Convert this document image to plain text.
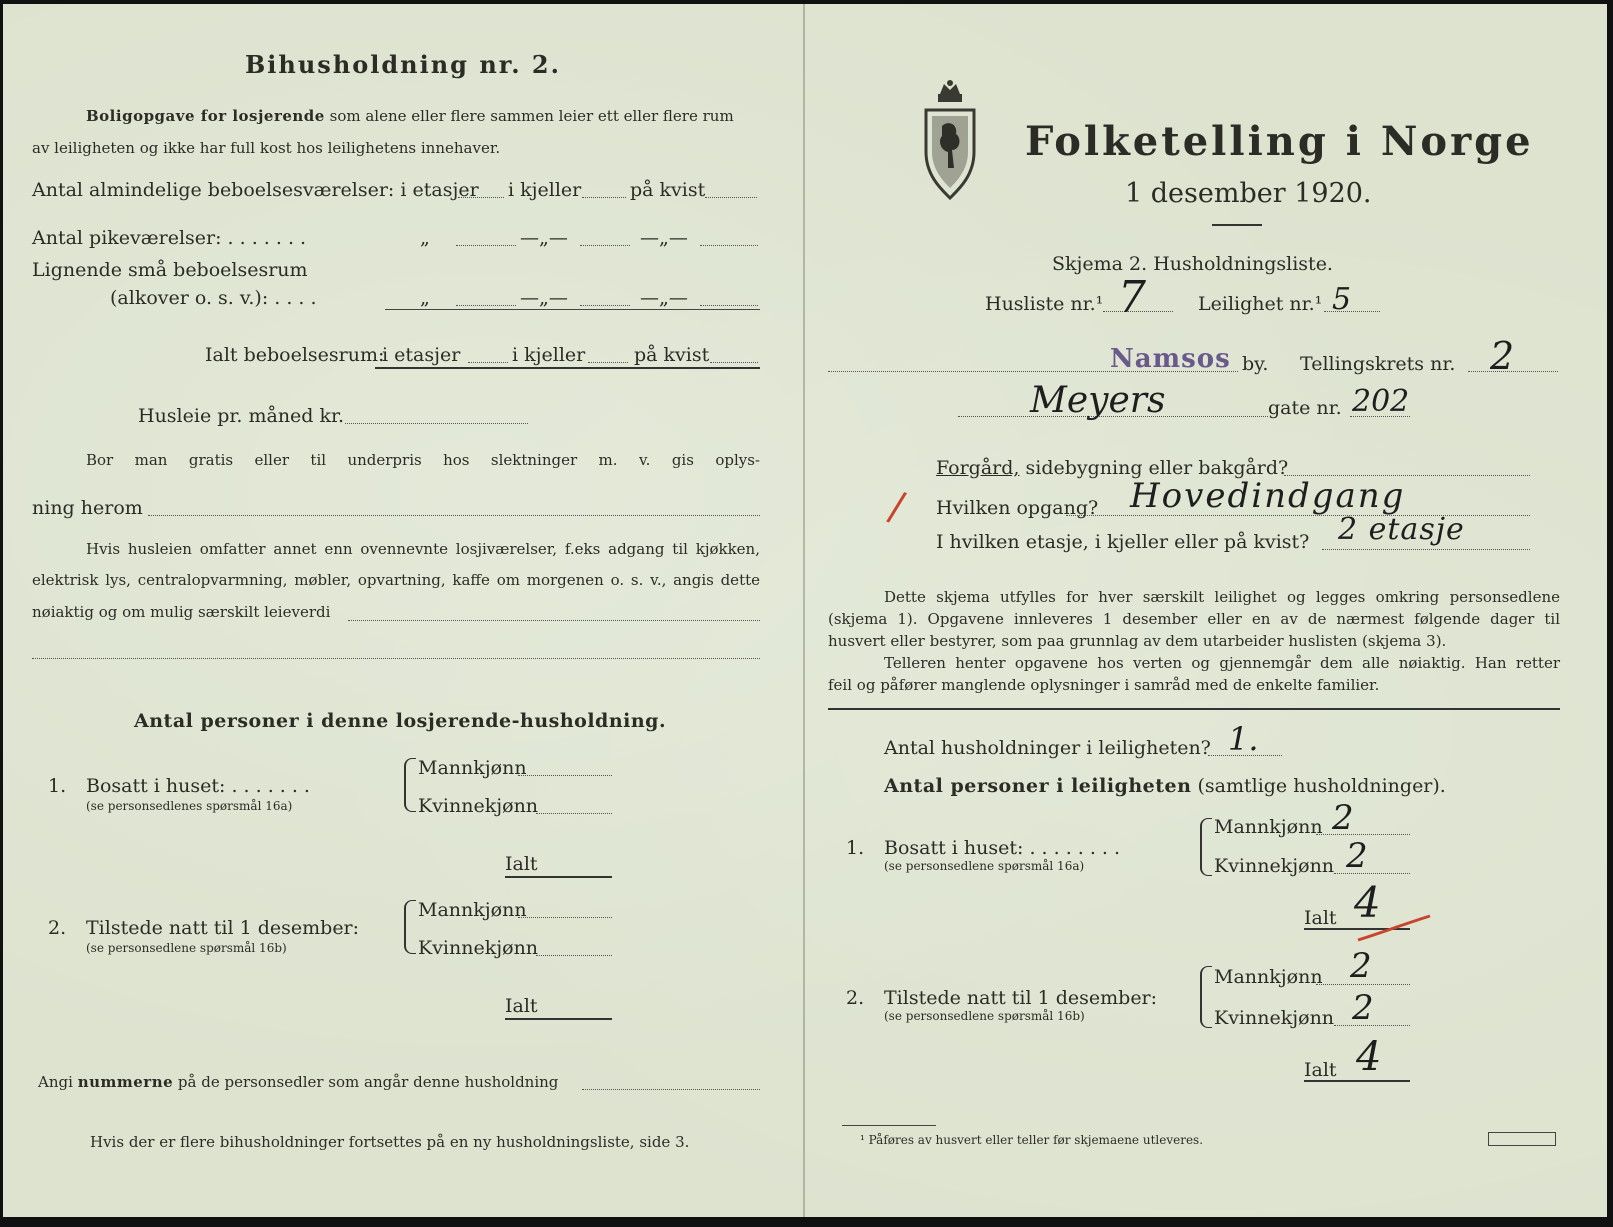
Bihusholdning nr. 2.
Boligopgave for losjerende som alene eller flere sammen leier ett eller flere rum
av leiligheten og ikke har full kost hos leilighetens innehaver.
Antal almindelige beboelsesværelser: i etasjer i kjeller	på kvist
Antal pikeværelser: . . . . . . .	„	—„—	—„—
Lignende små beboelsesrum
(alkover o. s. v.): . . . .	„	—„—	—„—
Ialt beboelsesrum:
i etasjer	i kjeller	på kvist
Husleie pr. måned kr.
Bor man gratis eller til underpris hos slektninger m. v. gis oplys-
ning herom
Hvis husleien omfatter annet enn ovennevnte losjiværelser, f.eks adgang til kjøkken,
elektrisk lys, centralopvarmning, møbler, opvartning, kaffe om morgenen o. s. v., angis dette
nøiaktig og om mulig særskilt leieverdi
Antal personer i denne losjerende-husholdning.
1. Bosatt i huset: . . . . . . .
(se personsedlenes spørsmål 16a)
Mannkjønn
Kvinnekjønn
Ialt
2. Tilstede natt til 1 desember:
(se personsedlene spørsmål 16b)
Mannkjønn
Kvinnekjønn
Ialt
Angi nummerne på de personsedler som angår denne husholdning
Hvis der er flere bihusholdninger fortsettes på en ny husholdningsliste, side 3.
Folketelling i Norge
1 desember 1920.
Skjema 2. Husholdningsliste.
Husliste nr.¹ 7	Leilighet nr.¹ 5
Namsos by. Tellingskrets nr. 2
Meyers	gate nr. 202
Forgård, sidebygning eller bakgård?
/ Hvilken opgang? Hovedindgang
I hvilken etasje, i kjeller eller på kvist? 2 etasje
Dette skjema utfylles for hver særskilt leilighet og legges omkring personsedlene
(skjema 1). Opgavene innleveres 1 desember eller en av de nærmest følgende dager til
husvert eller bestyrer, som paa grunnlag av dem utarbeider huslisten (skjema 3).
Telleren henter opgavene hos verten og gjennemgår dem alle nøiaktig. Han retter
feil og påfører manglende oplysninger i samråd med de enkelte familier.
Antal husholdninger i leiligheten? 1.
Antal personer i leiligheten (samtlige husholdninger).
1. Bosatt i huset: . . . . . . . .
(se personsedlene spørsmål 16a)
Mannkjønn 2
Kvinnekjønn 2
Ialt 4
2. Tilstede natt til 1 desember:
(se personsedlene spørsmål 16b)
Mannkjønn 2
Kvinnekjønn 2
Ialt 4
¹ Påføres av husvert eller teller før skjemaene utleveres.
